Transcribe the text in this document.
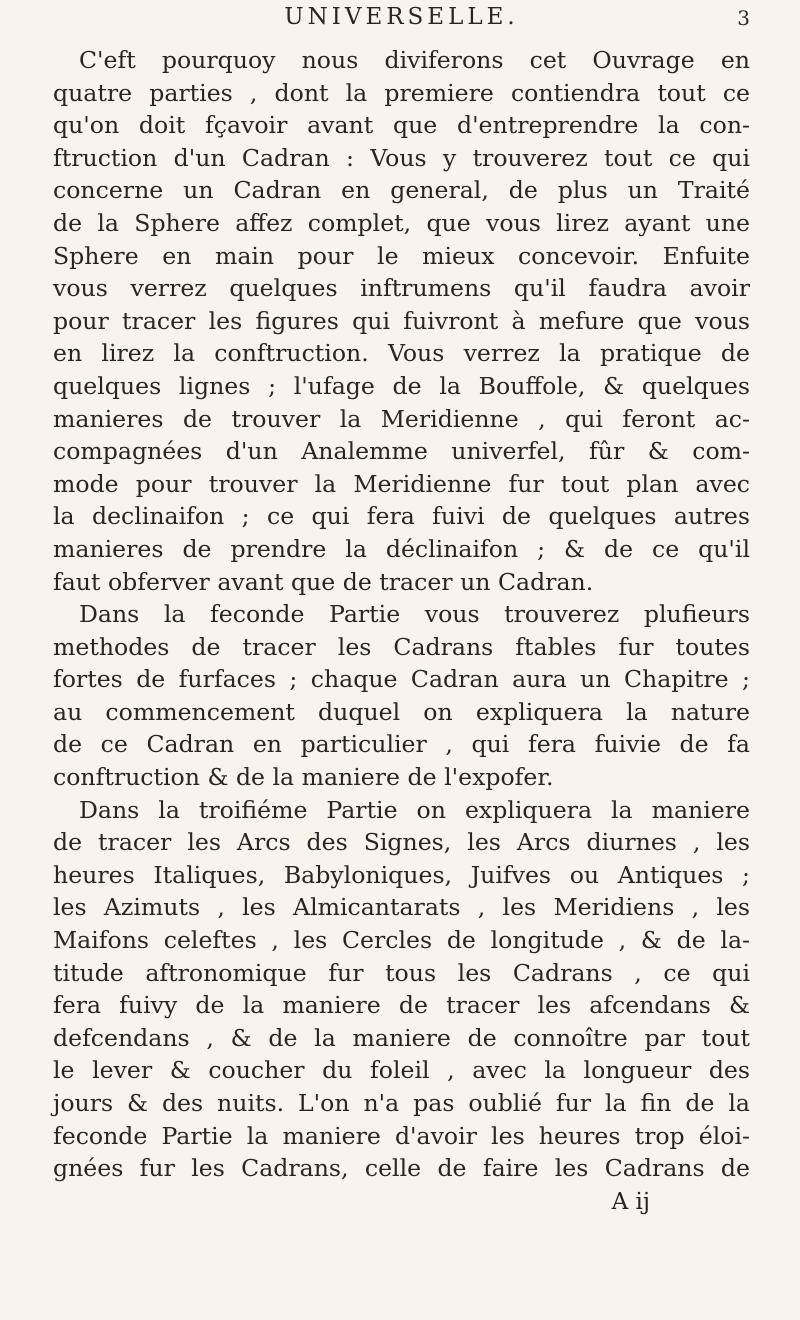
UNIVERSELLE.	3
C'eft pourquoy nous diviferons cet Ouvrage en
quatre parties , dont la premiere contiendra tout ce
qu'on doit fçavoir avant que d'entreprendre la con-
ftruction d'un Cadran : Vous y trouverez tout ce qui
concerne un Cadran en general, de plus un Traité
de la Sphere affez complet, que vous lirez ayant une
Sphere en main pour le mieux concevoir. Enfuite
vous verrez quelques inftrumens qu'il faudra avoir
pour tracer les figures qui fuivront à mefure que vous
en lirez la conftruction. Vous verrez la pratique de
quelques lignes ; l'ufage de la Bouffole, & quelques
manieres de trouver la Meridienne , qui feront ac-
compagnées d'un Analemme univerfel, fûr & com-
mode pour trouver la Meridienne fur tout plan avec
la declinaifon ; ce qui fera fuivi de quelques autres
manieres de prendre la déclinaifon ; & de ce qu'il
faut obferver avant que de tracer un Cadran.
Dans la feconde Partie vous trouverez plufieurs
methodes de tracer les Cadrans ftables fur toutes
fortes de furfaces ; chaque Cadran aura un Chapitre ;
au commencement duquel on expliquera la nature
de ce Cadran en particulier , qui fera fuivie de fa
conftruction & de la maniere de l'expofer.
Dans la troifiéme Partie on expliquera la maniere
de tracer les Arcs des Signes, les Arcs diurnes , les
heures Italiques, Babyloniques, Juifves ou Antiques ;
les Azimuts , les Almicantarats , les Meridiens , les
Maifons celeftes , les Cercles de longitude , & de la-
titude aftronomique fur tous les Cadrans , ce qui
fera fuivy de la maniere de tracer les afcendans &
defcendans , & de la maniere de connoître par tout
le lever & coucher du foleil , avec la longueur des
jours & des nuits. L'on n'a pas oublié fur la fin de la
feconde Partie la maniere d'avoir les heures trop éloi-
gnées fur les Cadrans, celle de faire les Cadrans de
A ij
